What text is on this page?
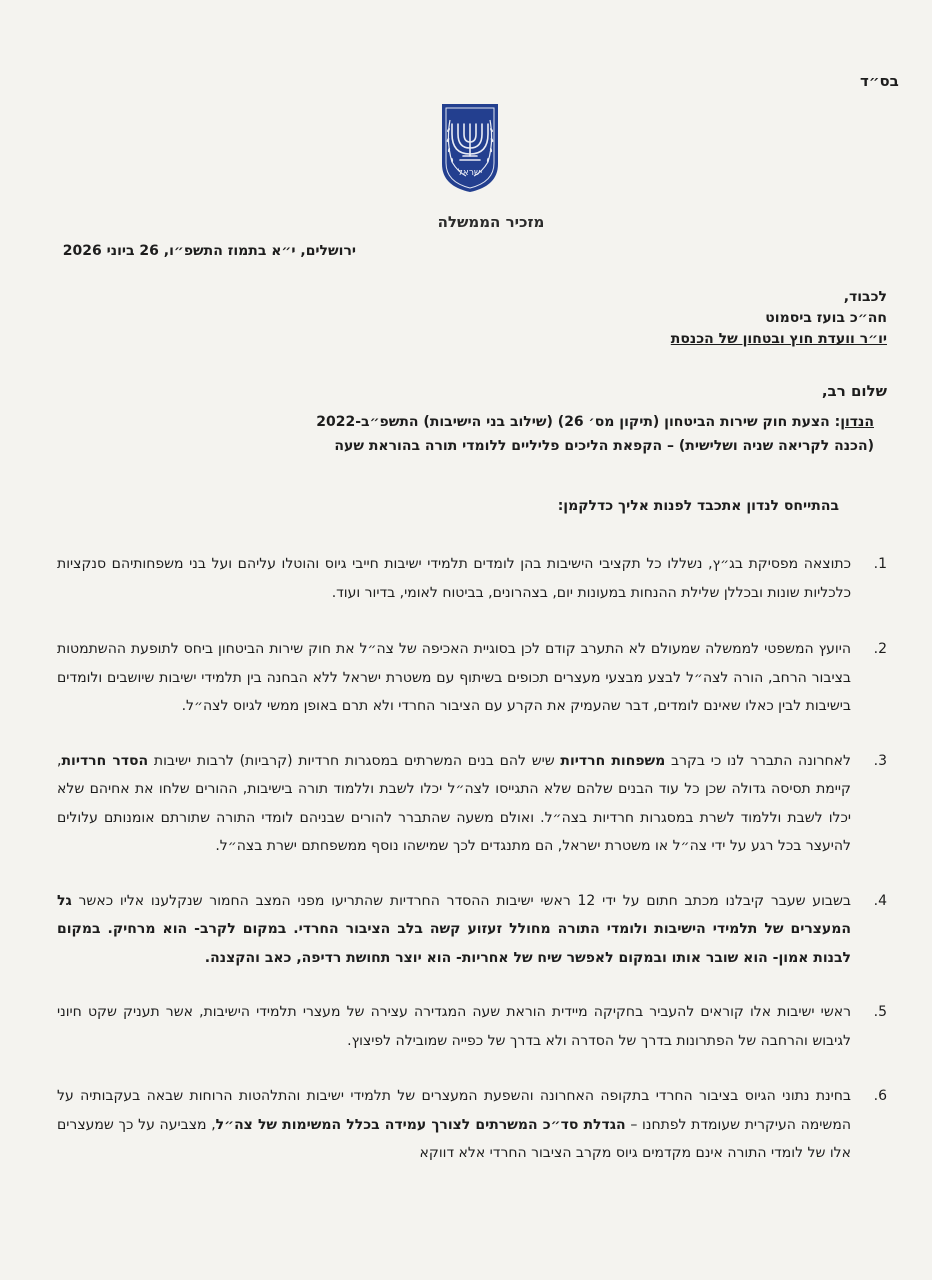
בס״ד
ישראל
מזכיר הממשלה
ירושלים, י״א בתמוז התשפ״ו, 26 ביוני 2026
לכבוד,
חה״כ בועז ביסמוט
יו״ר וועדת חוץ ובטחון של הכנסת
שלום רב,
הנדון: הצעת חוק שירות הביטחון (תיקון מס׳ 26) (שילוב בני הישיבות) התשפ״ב-2022
(הכנה לקריאה שניה ושלישית) – הקפאת הליכים פליליים ללומדי תורה בהוראת שעה
בהתייחס לנדון אתכבד לפנות אליך כדלקמן:
1.
כתוצאה מפסיקת בג״ץ, נשללו כל תקציבי הישיבות בהן לומדים תלמידי ישיבות חייבי גיוס והוטלו עליהם ועל בני משפחותיהם סנקציות כלכליות שונות ובכללן שלילת ההנחות במעונות יום, בצהרונים, בביטוח לאומי, בדיור ועוד.
2.
היועץ המשפטי לממשלה שמעולם לא התערב קודם לכן בסוגיית האכיפה של צה״ל את חוק שירות הביטחון ביחס לתופעת ההשתמטות בציבור הרחב, הורה לצה״ל לבצע מבצעי מעצרים תכופים בשיתוף עם משטרת ישראל ללא הבחנה בין תלמידי ישיבות שיושבים ולומדים בישיבות לבין כאלו שאינם לומדים, דבר שהעמיק את הקרע עם הציבור החרדי ולא תרם באופן ממשי לגיוס לצה״ל.
3.
לאחרונה התברר לנו כי בקרב משפחות חרדיות שיש להם בנים המשרתים במסגרות חרדיות (קרביות) לרבות ישיבות הסדר חרדיות, קיימת תסיסה גדולה שכן כל עוד הבנים שלהם שלא התגייסו לצה״ל יכלו לשבת וללמוד תורה בישיבות, ההורים שלחו את אחיהם שלא יכלו לשבת וללמוד לשרת במסגרות חרדיות בצה״ל. ואולם משעה שהתברר להורים שבניהם לומדי התורה שתורתם אומנותם עלולים להיעצר בכל רגע על ידי צה״ל או משטרת ישראל, הם מתנגדים לכך שמישהו נוסף ממשפחתם ישרת בצה״ל.
4.
בשבוע שעבר קיבלנו מכתב חתום על ידי 12 ראשי ישיבות ההסדר החרדיות שהתריעו מפני המצב החמור שנקלענו אליו כאשר גל המעצרים של תלמידי הישיבות ולומדי התורה מחולל זעזוע קשה בלב הציבור החרדי. במקום לקרב- הוא מרחיק. במקום לבנות אמון- הוא שובר אותו ובמקום לאפשר שיח של אחריות- הוא יוצר תחושת רדיפה, כאב והקצנה.
5.
ראשי ישיבות אלו קוראים להעביר בחקיקה מיידית הוראת שעה המגדירה עצירה של מעצרי תלמידי הישיבות, אשר תעניק שקט חיוני לגיבוש והרחבה של הפתרונות בדרך של הסדרה ולא בדרך של כפייה שמובילה לפיצוץ.
6.
בחינת נתוני הגיוס בציבור החרדי בתקופה האחרונה והשפעת המעצרים של תלמידי ישיבות והתלהטות הרוחות שבאה בעקבותיה על המשימה העיקרית שעומדת לפתחנו – הגדלת סד״כ המשרתים לצורך עמידה בכלל המשימות של צה״ל, מצביעה על כך שמעצרים אלו של לומדי התורה אינם מקדמים גיוס מקרב הציבור החרדי אלא דווקא
